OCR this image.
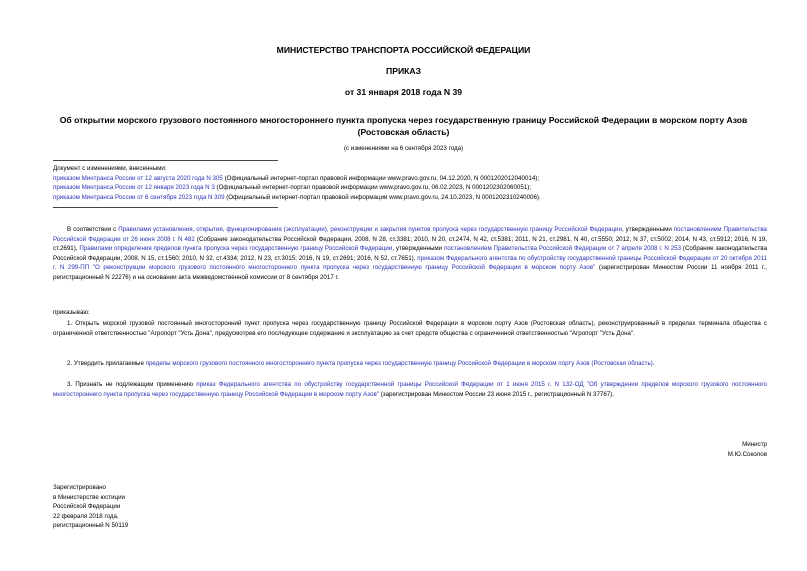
МИНИСТЕРСТВО ТРАНСПОРТА РОССИЙСКОЙ ФЕДЕРАЦИИ
ПРИКАЗ
от 31 января 2018 года N 39
Об открытии морского грузового постоянного многостороннего пункта пропуска через государственную границу Российской Федерации в морском порту Азов (Ростовская область)
(с изменениями на 6 сентября 2023 года)

Документ с изменениями, внесенными:

приказом Минтранса России от 12 августа 2020 года N 305 (Официальный интернет-портал правовой информации www.pravo.gov.ru, 04.12.2020, N 0001202012040014);

приказом Минтранса России от 12 января 2023 года N 3 (Официальный интернет-портал правовой информации www.pravo.gov.ru, 06.02.2023, N 0001202302060051);

приказом Минтранса России от 6 сентября 2023 года N 309 (Официальный интернет-портал правовой информации www.pravo.gov.ru, 24.10.2023, N 0001202310240006).

В соответствии с Правилами установления, открытия, функционирования (эксплуатации), реконструкции и закрытия пунктов пропуска через государственную границу Российской Федерации, утвержденными постановлением Правительства Российской Федерации от 26 июня 2008 г. N 482 (Собрание законодательства Российской Федерации, 2008, N 28, ст.3381; 2010, N 20, ст.2474, N 42, ст.5381; 2011, N 21, ст.2981, N 40, ст.5550; 2012, N 37, ст.5002; 2014, N 43, ст.5912; 2016, N 19, ст.2691), Правилами определения пределов пункта пропуска через государственную границу Российской Федерации, утвержденными постановлением Правительства Российской Федерации от 7 апреля 2008 г. N 253 (Собрание законодательства Российской Федерации, 2008, N 15, ст.1560; 2010, N 32, ст.4334; 2012, N 23, ст.3015; 2016, N 19, ст.2691; 2016, N 52, ст.7651), приказом Федерального агентства по обустройству государственной границы Российской Федерации от 20 октября 2011 г. N 299-ПП "О реконструкции морского грузового постоянного многостороннего пункта пропуска через государственную границу Российской Федерации в морском порту Азов" (зарегистрирован Минюстом России 11 ноября 2011 г., регистрационный N 22276) и на основании акта межведомственной комиссии от 8 сентября 2017 г.
приказываю:
1. Открыть морской грузовой постоянный многосторонний пункт пропуска через государственную границу Российской Федерации в морском порту Азов (Ростовская область), реконструированный в пределах терминала общества с ограниченной ответственностью "Агропорт "Усть Дона", предусмотрев его последующее содержание и эксплуатацию за счет средств общества с ограниченной ответственностью "Агропорт "Усть Дона".
2. Утвердить прилагаемые пределы морского грузового постоянного многостороннего пункта пропуска через государственную границу Российской Федерации в морском порту Азов (Ростовская область).
3. Признать не подлежащим применению приказ Федерального агентства по обустройству государственной границы Российской Федерации от 1 июня 2015 г. N 132-ОД "Об утверждении пределов морского грузового постоянного многостороннего пункта пропуска через государственную границу Российской Федерации в морском порту Азов" (зарегистрирован Минюстом России 23 июня 2015 г., регистрационный N 37767).

Министр

М.Ю.Соколов

Зарегистрировано

в Министерстве юстиции

Российской Федерации

22 февраля 2018 года,

регистрационный N 50119
